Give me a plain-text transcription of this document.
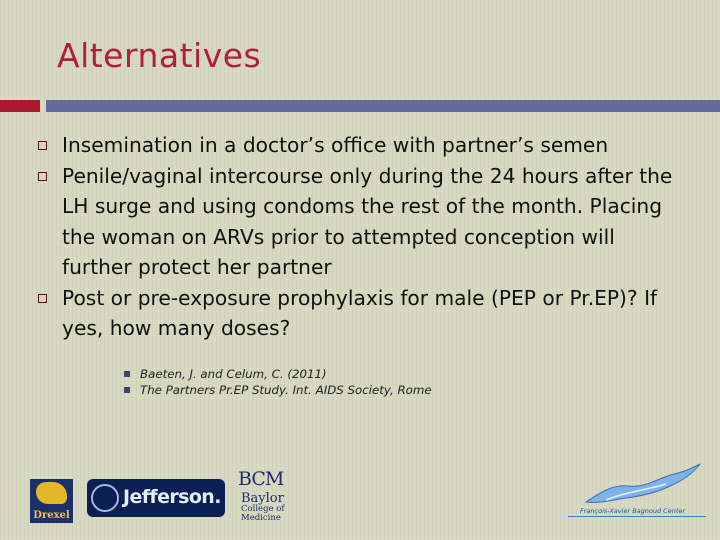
Alternatives
Insemination in a doctor’s office with partner’s semen
Penile/vaginal intercourse only during the 24 hours after the LH surge and using condoms the rest of the month. Placing the woman on ARVs prior to attempted conception will further protect her partner
Post or pre-exposure prophylaxis for male (PEP or Pr.EP)? If yes, how many doses?
Baeten, J. and Celum, C. (2011)
The Partners Pr.EP Study. Int. AIDS Society, Rome
Drexel
Jefferson.
BCM
Baylor
College of
Medicine
François-Xavier Bagnoud Center
